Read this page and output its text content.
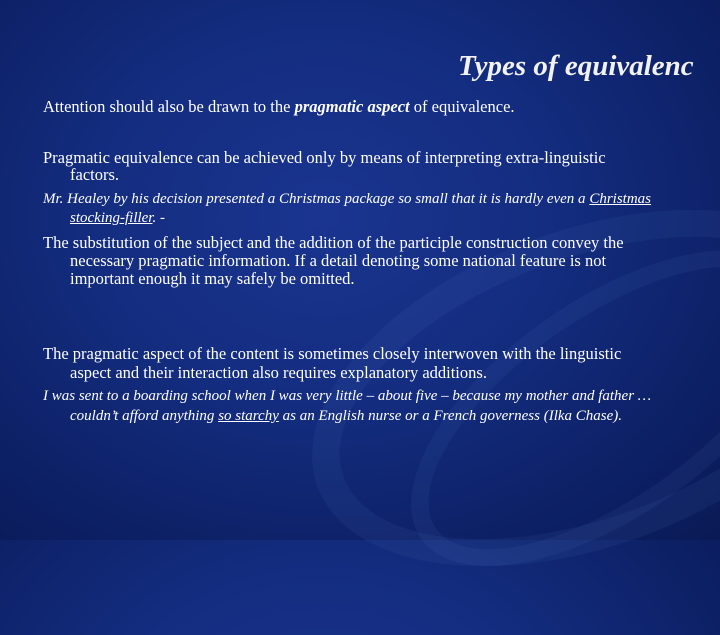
Types of equivalenc
Attention should also be drawn to the pragmatic aspect of equivalence.
Pragmatic equivalence can be achieved only by means of interpreting extra-linguistic factors.
Mr. Healey by his decision presented a Christmas package so small that it is hardly even a Christmas stocking-filler. -
The substitution of the subject and the addition of the participle construction convey the necessary pragmatic information. If a detail denoting some national feature is not important enough it may safely be omitted.
The pragmatic aspect of the content is sometimes closely interwoven with the linguistic aspect and their interaction also requires explanatory additions.
I was sent to a boarding school when I was very little – about five – because my mother and father … couldn’t afford anything so starchy as an English nurse or a French governess (Ilka Chase).
